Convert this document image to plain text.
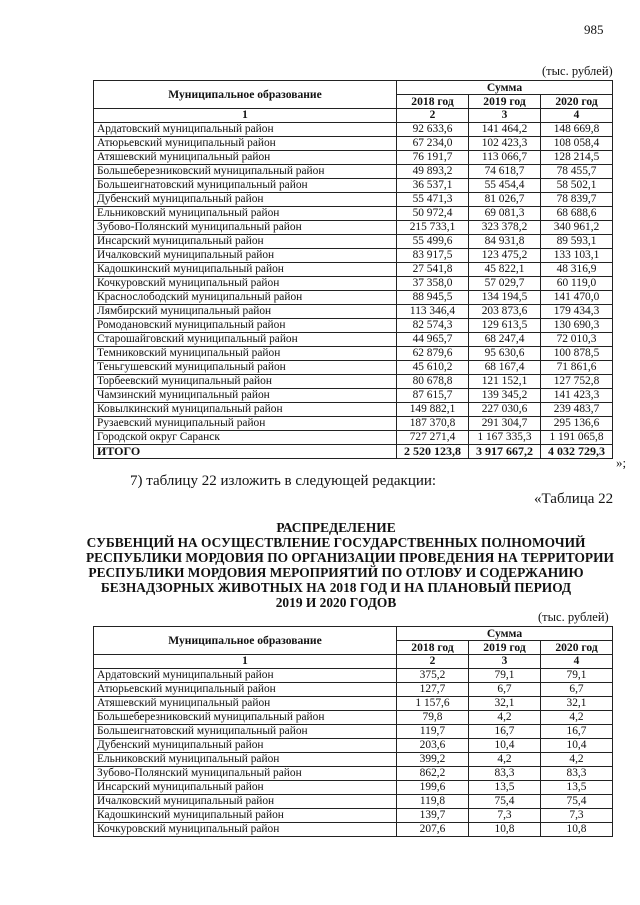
985
(тыс. рублей)
Муниципальное образование	Сумма		
	2018 год	2019 год	2020 год
1	2	3	4
Ардатовский муниципальный район	92 633,6	141 464,2	148 669,8
Атюрьевский муниципальный район	67 234,0	102 423,3	108 058,4
Атяшевский муниципальный район	76 191,7	113 066,7	128 214,5
Большеберезниковский муниципальный район	49 893,2	74 618,7	78 455,7
Большеигнатовский муниципальный район	36 537,1	55 454,4	58 502,1
Дубенский муниципальный район	55 471,3	81 026,7	78 839,7
Ельниковский муниципальный район	50 972,4	69 081,3	68 688,6
Зубово-Полянский муниципальный район	215 733,1	323 378,2	340 961,2
Инсарский муниципальный район	55 499,6	84 931,8	89 593,1
Ичалковский муниципальный район	83 917,5	123 475,2	133 103,1
Кадошкинский муниципальный район	27 541,8	45 822,1	48 316,9
Кочкуровский муниципальный район	37 358,0	57 029,7	60 119,0
Краснослободский муниципальный район	88 945,5	134 194,5	141 470,0
Лямбирский муниципальный район	113 346,4	203 873,6	179 434,3
Ромодановский муниципальный район	82 574,3	129 613,5	130 690,3
Старошайговский муниципальный район	44 965,7	68 247,4	72 010,3
Темниковский муниципальный район	62 879,6	95 630,6	100 878,5
Теньгушевский муниципальный район	45 610,2	68 167,4	71 861,6
Торбеевский муниципальный район	80 678,8	121 152,1	127 752,8
Чамзинский муниципальный район	87 615,7	139 345,2	141 423,3
Ковылкинский муниципальный район	149 882,1	227 030,6	239 483,7
Рузаевский муниципальный район	187 370,8	291 304,7	295 136,6
Городской округ Саранск	727 271,4	1 167 335,3	1 191 065,8
ИТОГО	2 520 123,8	3 917 667,2	4 032 729,3
»;
7) таблицу 22 изложить в следующей редакции:
«Таблица 22
РАСПРЕДЕЛЕНИЕ
СУБВЕНЦИЙ НА ОСУЩЕСТВЛЕНИЕ ГОСУДАРСТВЕННЫХ ПОЛНОМОЧИЙ
РЕСПУБЛИКИ МОРДОВИЯ ПО ОРГАНИЗАЦИИ ПРОВЕДЕНИЯ НА ТЕРРИТОРИИ
РЕСПУБЛИКИ МОРДОВИЯ МЕРОПРИЯТИЙ ПО ОТЛОВУ И СОДЕРЖАНИЮ
БЕЗНАДЗОРНЫХ ЖИВОТНЫХ НА 2018 ГОД И НА ПЛАНОВЫЙ ПЕРИОД
2019 И 2020 ГОДОВ
(тыс. рублей)
Муниципальное образование	Сумма		
	2018 год	2019 год	2020 год
1	2	3	4
Ардатовский муниципальный район	375,2	79,1	79,1
Атюрьевский муниципальный район	127,7	6,7	6,7
Атяшевский муниципальный район	1 157,6	32,1	32,1
Большеберезниковский муниципальный район	79,8	4,2	4,2
Большеигнатовский муниципальный район	119,7	16,7	16,7
Дубенский муниципальный район	203,6	10,4	10,4
Ельниковский муниципальный район	399,2	4,2	4,2
Зубово-Полянский муниципальный район	862,2	83,3	83,3
Инсарский муниципальный район	199,6	13,5	13,5
Ичалковский муниципальный район	119,8	75,4	75,4
Кадошкинский муниципальный район	139,7	7,3	7,3
Кочкуровский муниципальный район	207,6	10,8	10,8
